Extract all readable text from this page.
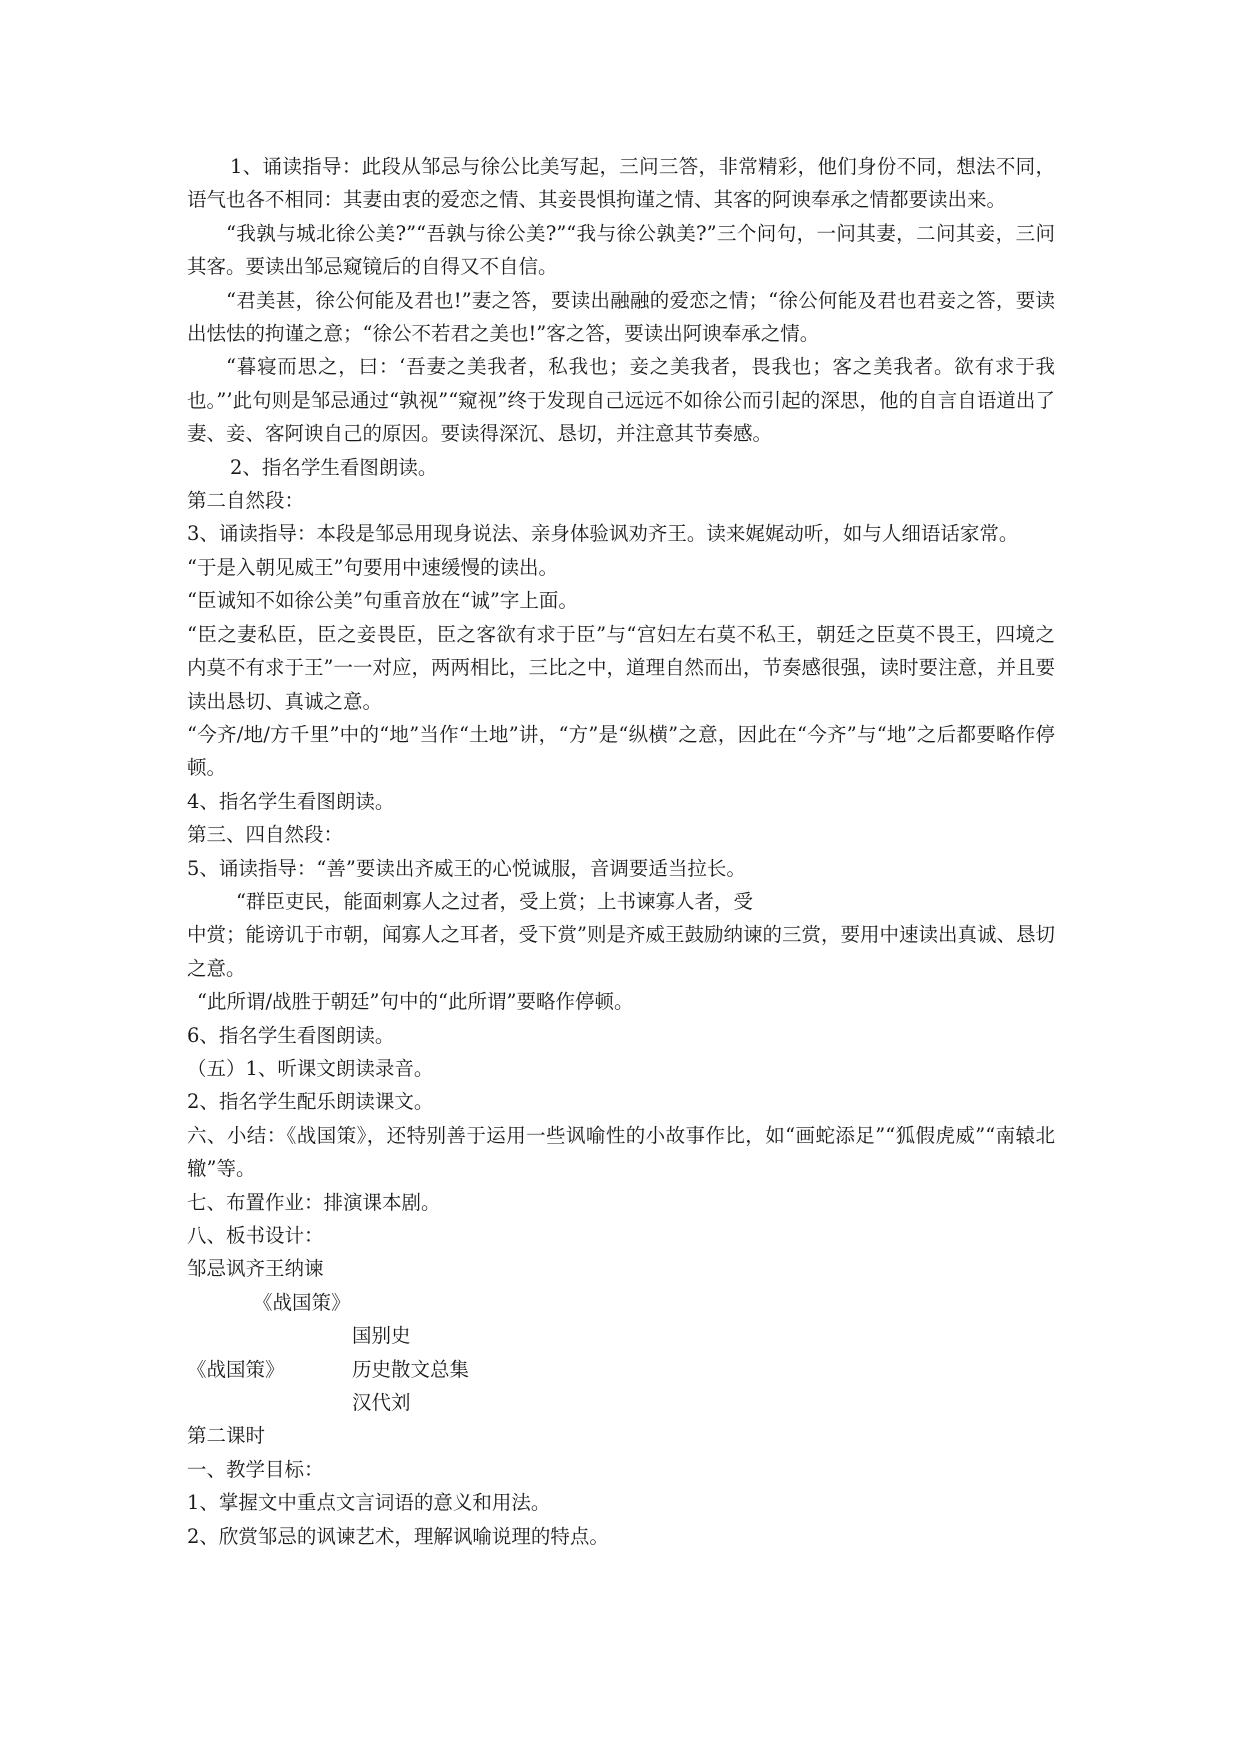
1、诵读指导：此段从邹忌与徐公比美写起，三问三答，非常精彩，他们身份不同，想法不同，语气也各不相同：其妻由衷的爱恋之情、其妾畏惧拘谨之情、其客的阿谀奉承之情都要读出来。

“我孰与城北徐公美?”“吾孰与徐公美?”“我与徐公孰美?”三个问句，一问其妻，二问其妾，三问其客。要读出邹忌窥镜后的自得又不自信。

“君美甚，徐公何能及君也!”妻之答，要读出融融的爱恋之情；“徐公何能及君也君妾之答，要读出怯怯的拘谨之意；“徐公不若君之美也!”客之答，要读出阿谀奉承之情。

“暮寝而思之，曰：‘吾妻之美我者，私我也；妾之美我者，畏我也；客之美我者。欲有求于我也。”’此句则是邹忌通过“孰视”“窥视”终于发现自己远远不如徐公而引起的深思，他的自言自语道出了妻、妾、客阿谀自己的原因。要读得深沉、恳切，并注意其节奏感。

2、指名学生看图朗读。

第二自然段：

3、诵读指导：本段是邹忌用现身说法、亲身体验讽劝齐王。读来娓娓动听，如与人细语话家常。

“于是入朝见威王”句要用中速缓慢的读出。

“臣诚知不如徐公美”句重音放在“诚”字上面。

“臣之妻私臣，臣之妾畏臣，臣之客欲有求于臣”与“宫妇左右莫不私王，朝廷之臣莫不畏王，四境之内莫不有求于王”一一对应，两两相比，三比之中，道理自然而出，节奏感很强，读时要注意，并且要读出恳切、真诚之意。

“今齐/地/方千里”中的“地”当作“土地”讲，“方”是“纵横”之意，因此在“今齐”与“地”之后都要略作停顿。

4、指名学生看图朗读。

第三、四自然段：

5、诵读指导：“善”要读出齐威王的心悦诚服，音调要适当拉长。

“群臣吏民，能面刺寡人之过者，受上赏；上书谏寡人者，受

中赏；能谤讥于市朝，闻寡人之耳者，受下赏”则是齐威王鼓励纳谏的三赏，要用中速读出真诚、恳切之意。

“此所谓/战胜于朝廷”句中的“此所谓”要略作停顿。

6、指名学生看图朗读。

（五）1、听课文朗读录音。

2、指名学生配乐朗读课文。

六、小结：《战国策》，还特别善于运用一些讽喻性的小故事作比，如“画蛇添足”“狐假虎威”“南辕北辙”等。

七、布置作业：排演课本剧。

八、板书设计：

邹忌讽齐王纳谏

《战国策》
国别史
《战国策》	历史散文总集
汉代刘

第二课时

一、教学目标：

1、掌握文中重点文言词语的意义和用法。

2、欣赏邹忌的讽谏艺术，理解讽喻说理的特点。
